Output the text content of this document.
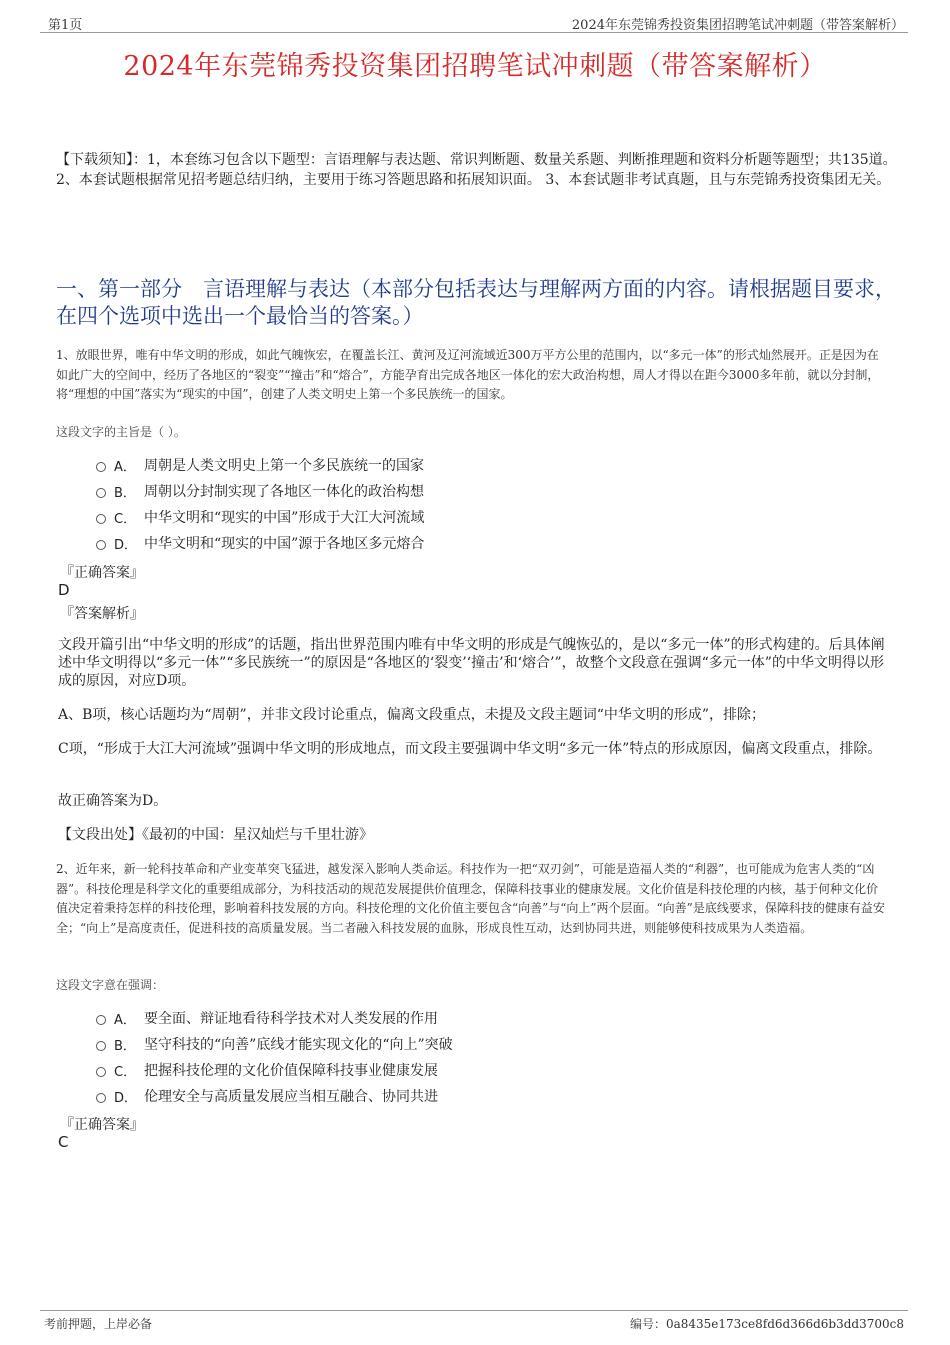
第1页	2024年东莞锦秀投资集团招聘笔试冲刺题（带答案解析）
2024年东莞锦秀投资集团招聘笔试冲刺题（带答案解析）
【下载须知】：1，本套练习包含以下题型：言语理解与表达题、常识判断题、数量关系题、判断推理题和资料分析题等题型；共135道。 2、本套试题根据常见招考题总结归纳，主要用于练习答题思路和拓展知识面。 3、本套试题非考试真题，且与东莞锦秀投资集团无关。
一、第一部分　言语理解与表达（本部分包括表达与理解两方面的内容。请根据题目要求，在四个选项中选出一个最恰当的答案。）
1、放眼世界，唯有中华文明的形成，如此气魄恢宏，在覆盖长江、黄河及辽河流域近300万平方公里的范围内，以“多元一体”的形式灿然展开。正是因为在如此广大的空间中，经历了各地区的“裂变”“撞击”和“熔合”，方能孕育出完成各地区一体化的宏大政治构想，周人才得以在距今3000多年前，就以分封制，将“理想的中国”落实为“现实的中国”，创建了人类文明史上第一个多民族统一的国家。
这段文字的主旨是（ ）。
A． 周朝是人类文明史上第一个多民族统一的国家
B． 周朝以分封制实现了各地区一体化的政治构想
C． 中华文明和“现实的中国”形成于大江大河流域
D． 中华文明和“现实的中国”源于各地区多元熔合
『正确答案』
D
『答案解析』
文段开篇引出“中华文明的形成”的话题，指出世界范围内唯有中华文明的形成是气魄恢弘的，是以“多元一体”的形式构建的。后具体阐述中华文明得以“多元一体”“多民族统一”的原因是“各地区的‘裂变’‘撞击’和‘熔合’”，故整个文段意在强调“多元一体”的中华文明得以形成的原因，对应D项。
A、B项，核心话题均为“周朝”，并非文段讨论重点，偏离文段重点，未提及文段主题词“中华文明的形成”，排除；
C项，“形成于大江大河流域”强调中华文明的形成地点，而文段主要强调中华文明“多元一体”特点的形成原因，偏离文段重点，排除。
故正确答案为D。
【文段出处】《最初的中国：星汉灿烂与千里壮游》
2、近年来，新一轮科技革命和产业变革突飞猛进，越发深入影响人类命运。科技作为一把“双刃剑”，可能是造福人类的“利器”，也可能成为危害人类的“凶器”。科技伦理是科学文化的重要组成部分，为科技活动的规范发展提供价值理念，保障科技事业的健康发展。文化价值是科技伦理的内核，基于何种文化价值决定着秉持怎样的科技伦理，影响着科技发展的方向。科技伦理的文化价值主要包含“向善”与“向上”两个层面。“向善”是底线要求，保障科技的健康有益安全；“向上”是高度责任，促进科技的高质量发展。当二者融入科技发展的血脉，形成良性互动，达到协同共进，则能够使科技成果为人类造福。
这段文字意在强调：
A． 要全面、辩证地看待科学技术对人类发展的作用
B． 坚守科技的“向善”底线才能实现文化的“向上”突破
C． 把握科技伦理的文化价值保障科技事业健康发展
D． 伦理安全与高质量发展应当相互融合、协同共进
『正确答案』
C
考前押题，上岸必备	编号：0a8435e173ce8fd6d366d6b3dd3700c8
